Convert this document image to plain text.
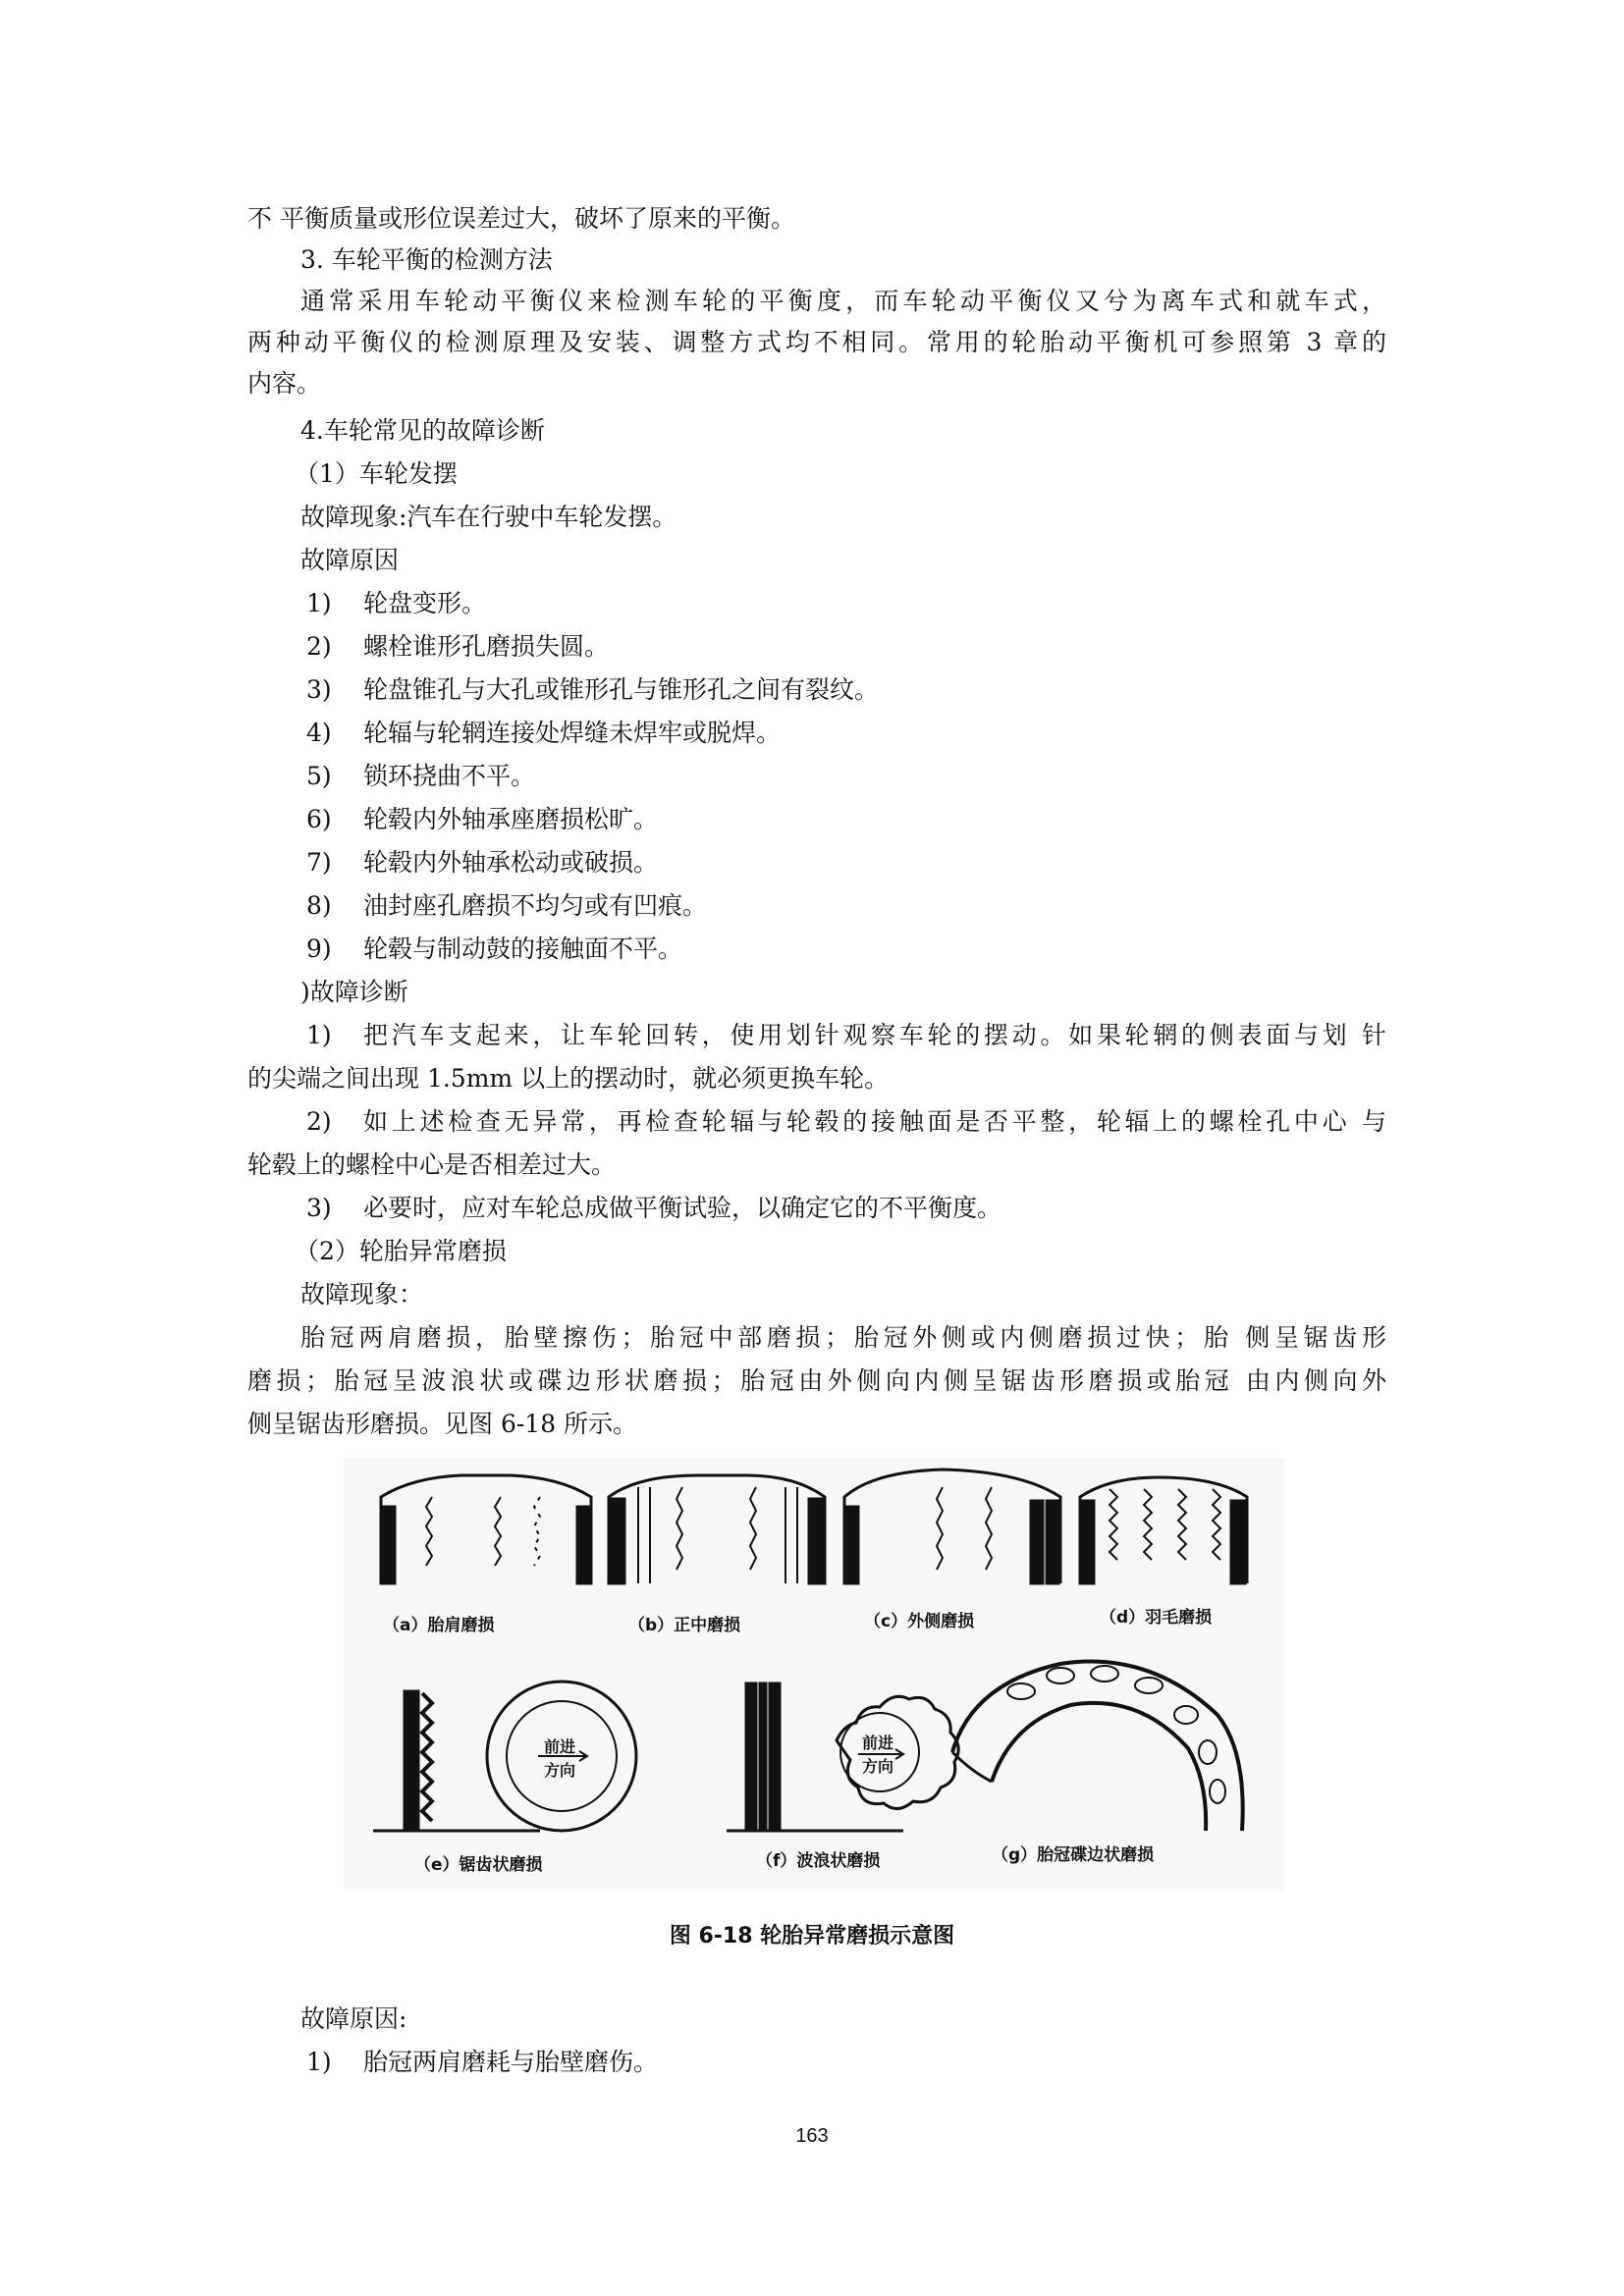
不 平衡质量或形位误差过大，破坏了原来的平衡。
3. 车轮平衡的检测方法
通常采用车轮动平衡仪来检测车轮的平衡度，而车轮动平衡仪又兮为离车式和就车式，
两种动平衡仪的检测原理及安装、调整方式均不相同。常用的轮胎动平衡机可参照第 3 章的
内容。
4.车轮常见的故障诊断
（1）车轮发摆
故障现象:汽车在行驶中车轮发摆。
故障原因
1) 轮盘变形。
2) 螺栓谁形孔磨损失圆。
3) 轮盘锥孔与大孔或锥形孔与锥形孔之间有裂纹。
4) 轮辐与轮辋连接处焊缝未焊牢或脱焊。
5) 锁环挠曲不平。
6) 轮毂内外轴承座磨损松旷。
7) 轮毂内外轴承松动或破损。
8) 油封座孔磨损不均匀或有凹痕。
9) 轮毂与制动鼓的接触面不平。
)故障诊断
1) 把汽车支起来，让车轮回转，使用划针观察车轮的摆动。如果轮辋的侧表面与划 针
的尖端之间出现 1.5mm 以上的摆动时，就必须更换车轮。
2) 如上述检查无异常，再检查轮辐与轮毂的接触面是否平整，轮辐上的螺栓孔中心 与
轮毂上的螺栓中心是否相差过大。
3) 必要时，应对车轮总成做平衡试验，以确定它的不平衡度。
（2）轮胎异常磨损
故障现象：
胎冠两肩磨损，胎壁擦伤；胎冠中部磨损；胎冠外侧或内侧磨损过快；胎 侧呈锯齿形
磨损；胎冠呈波浪状或碟边形状磨损；胎冠由外侧向内侧呈锯齿形磨损或胎冠 由内侧向外
侧呈锯齿形磨损。见图 6-18 所示。
（a）胎肩磨损	（b）正中磨损	（c）外侧磨损	（d）羽毛磨损
前进
方向
前进
方向
（e）锯齿状磨损	（f）波浪状磨损	（g）胎冠碟边状磨损
图 6-18 轮胎异常磨损示意图
故障原因:
1) 胎冠两肩磨耗与胎壁磨伤。
163
